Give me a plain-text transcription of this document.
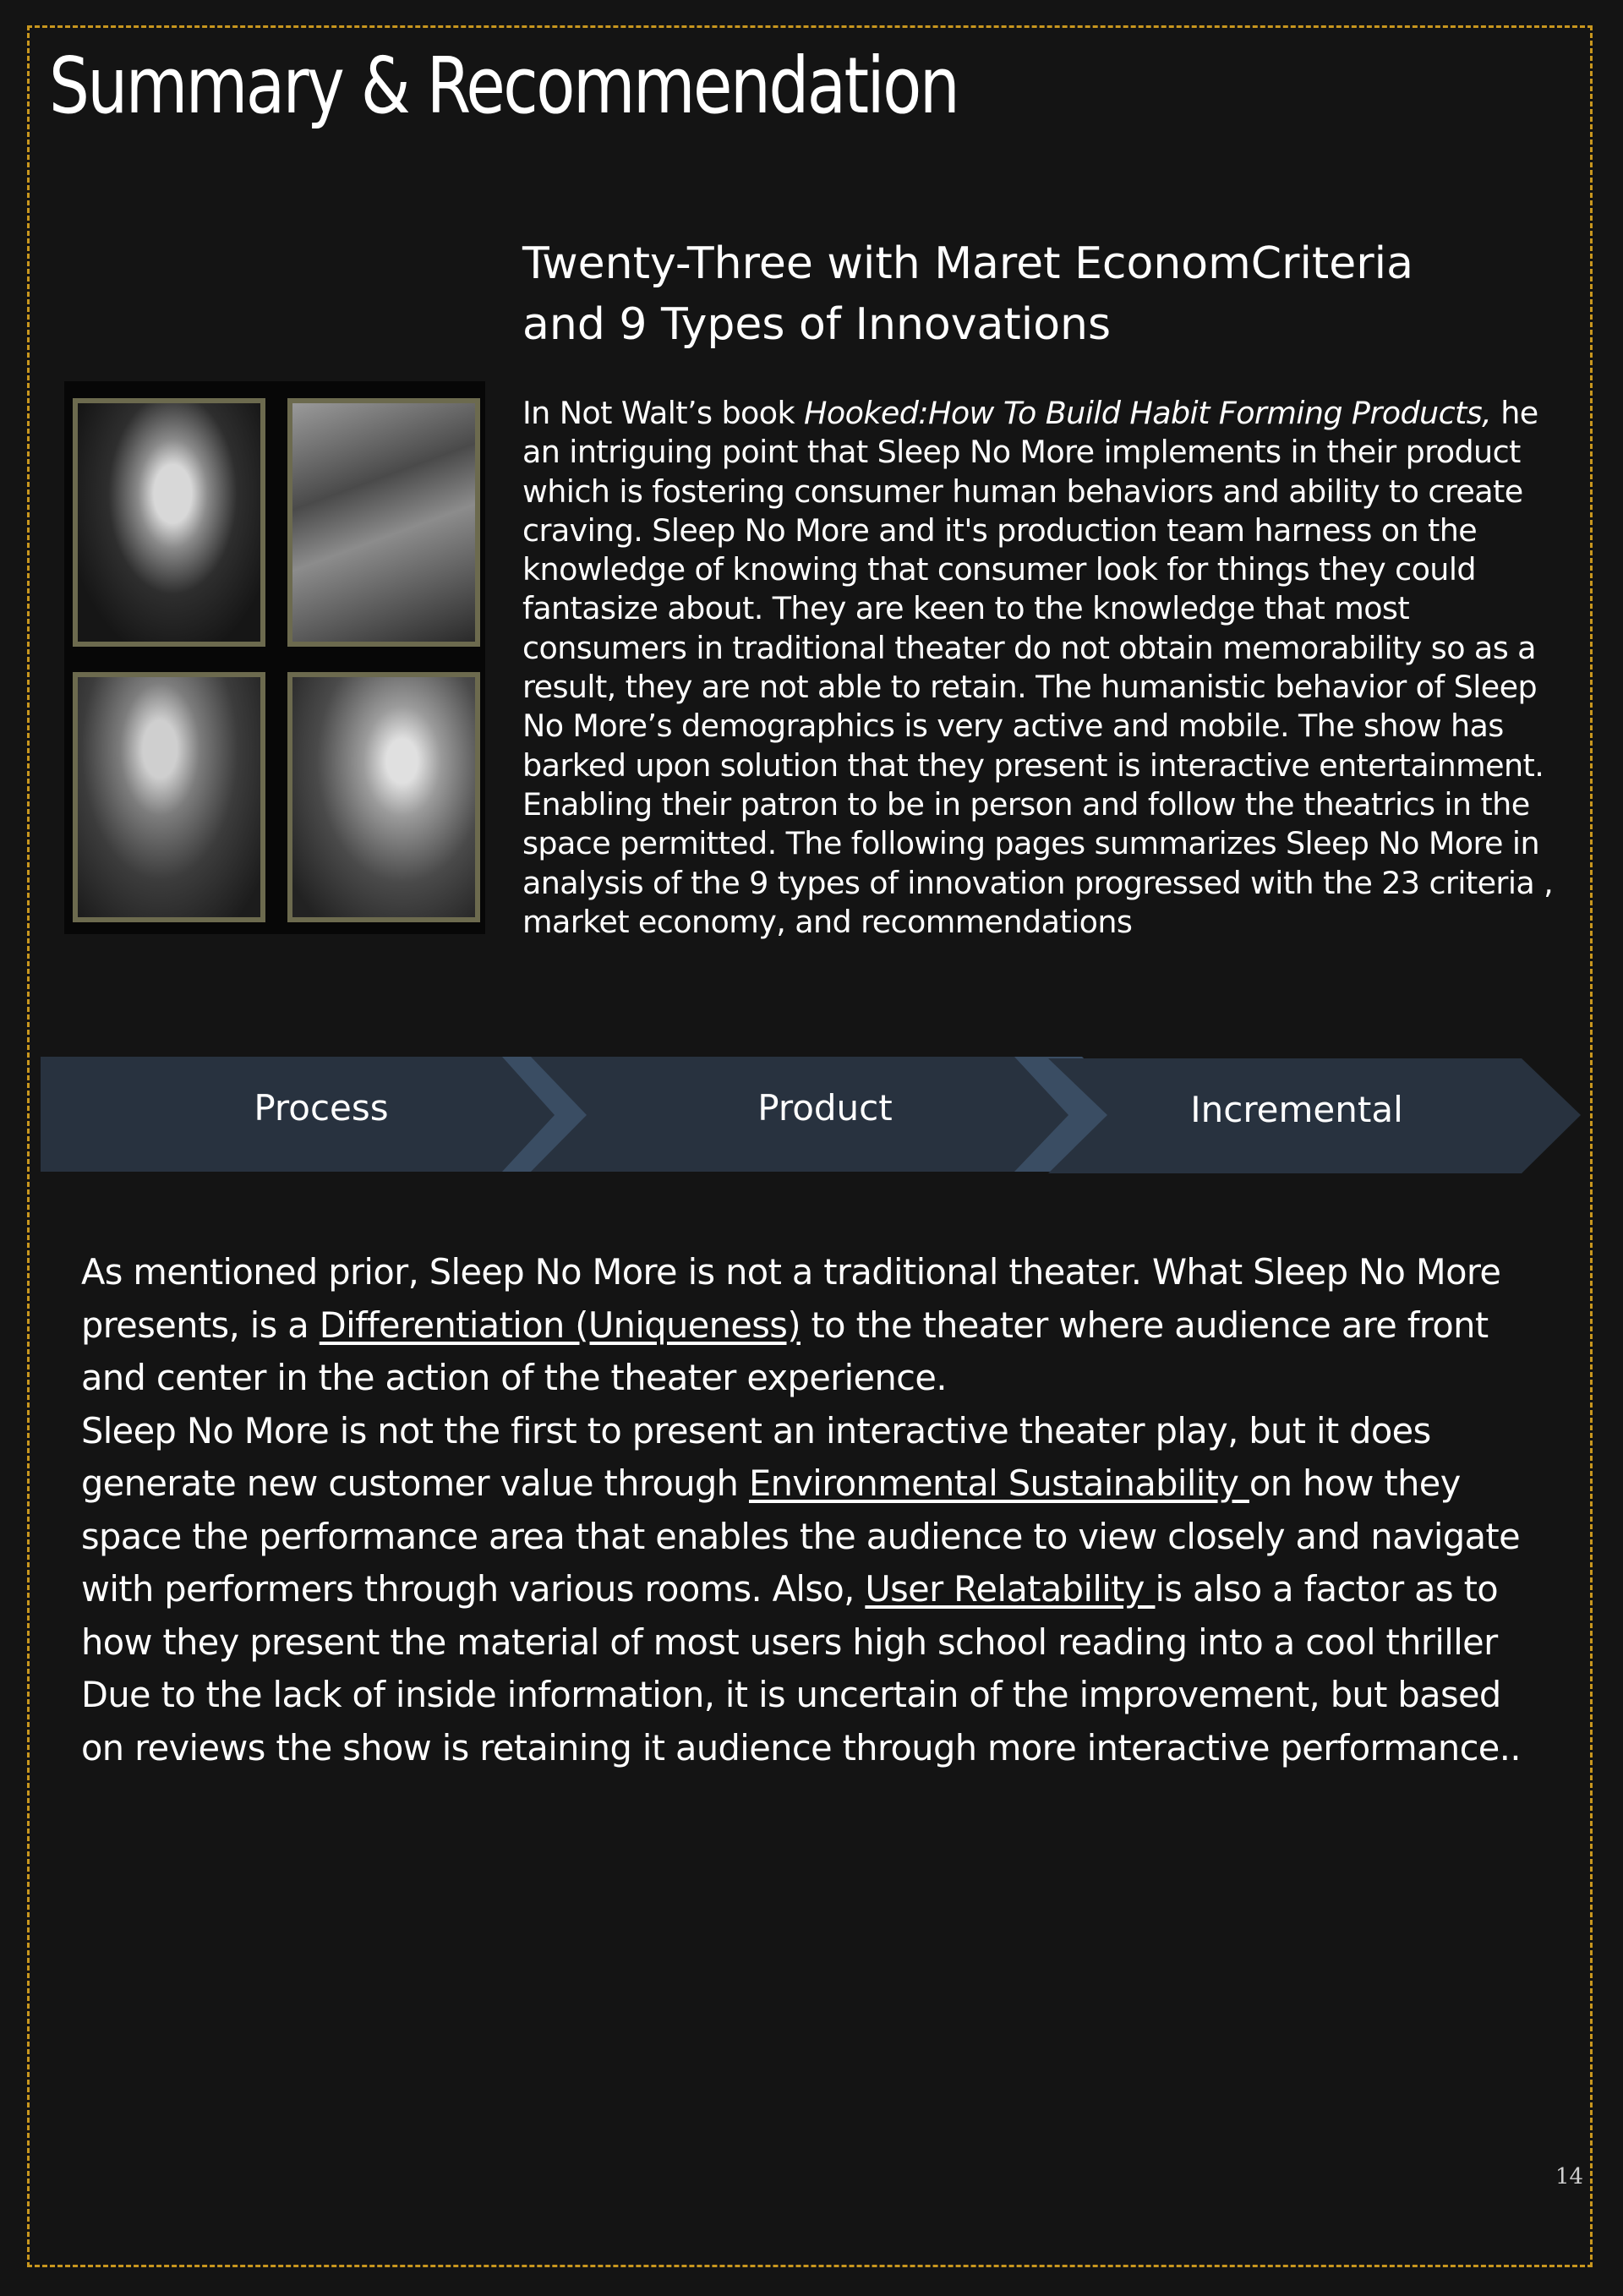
Summary & Recommendation
Twenty-Three with Maret EconomCriteria
and 9 Types of Innovations

In Not Walt’s book Hooked:How To Build Habit Forming Products, he an intriguing point that Sleep No More implements in their product which is fostering consumer human behaviors and ability to create craving. Sleep No More and it's production team harness on the knowledge of knowing that consumer look for things they could fantasize about. They are keen to the knowledge that most consumers in traditional theater do not obtain memorability so as a result, they are not able to retain. The humanistic behavior of Sleep No More’s demographics is very active and mobile. The show has barked upon solution that they present is interactive entertainment. Enabling their patron to be in person and follow the theatrics in the space permitted. The following pages summarizes Sleep No More in analysis of the 9 types of innovation progressed with the 23 criteria , market economy, and recommendations

Process	Product	Incremental

As mentioned prior, Sleep No More is not a traditional theater. What Sleep No More presents, is a Differentiation (Uniqueness) to the theater where audience are front and center in the action of the theater experience.

Sleep No More is not the first to present an interactive theater play, but it does generate new customer value through Environmental Sustainability on how they space the performance area that enables the audience to view closely and navigate with performers through various rooms. Also, User Relatability is also a factor as to how they present the material of most users high school reading into a cool thriller

Due to the lack of inside information, it is uncertain of the improvement, but based on reviews the show is retaining it audience through more interactive performance..

14
